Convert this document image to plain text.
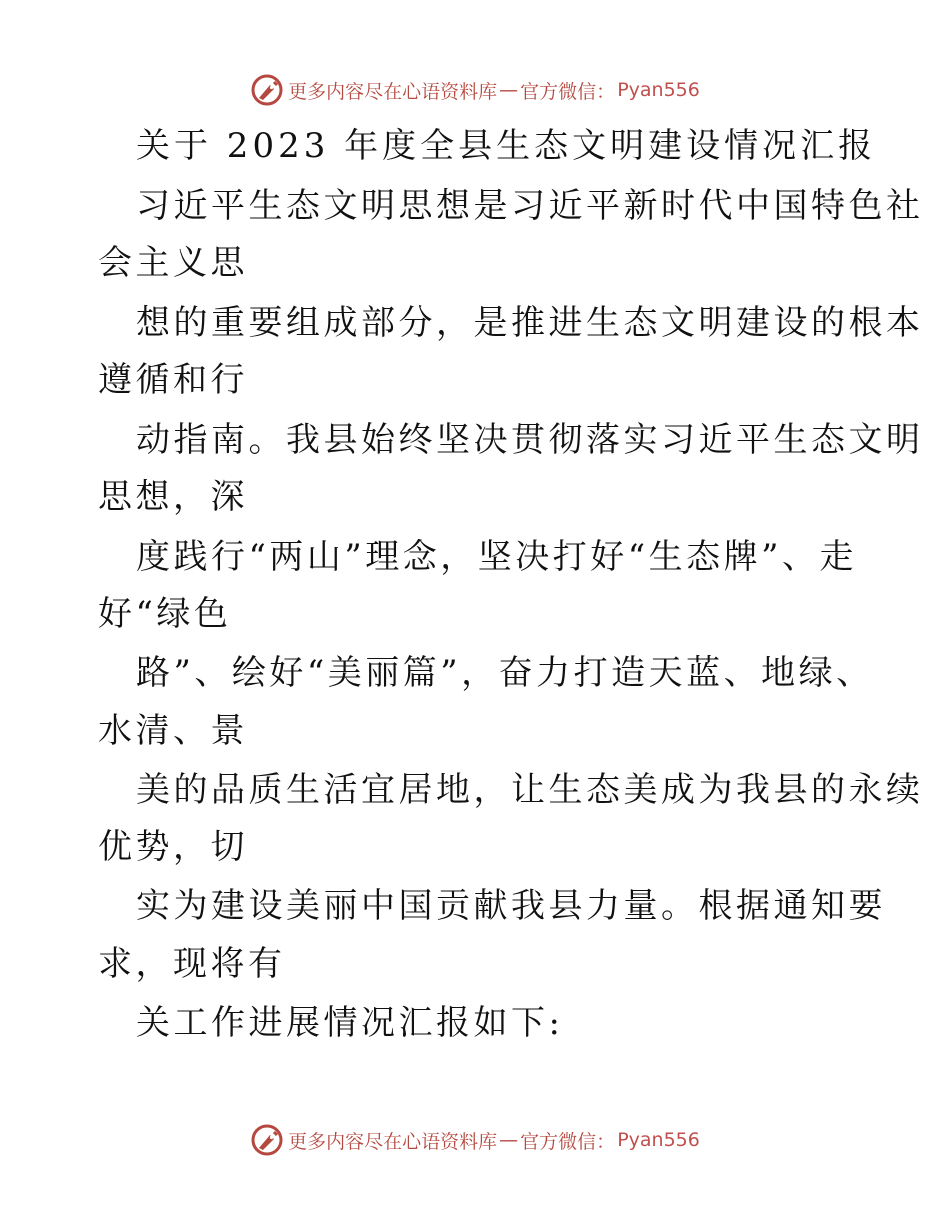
更多内容尽在心语资料库 — 官方微信： Pyan556
关于 2023 年度全县生态文明建设情况汇报
习近平生态文明思想是习近平新时代中国特色社
会主义思
想的重要组成部分，是推进生态文明建设的根本
遵循和行
动指南。我县始终坚决贯彻落实习近平生态文明
思想，深
度践行“两山”理念，坚决打好“生态牌”、走
好“绿色
路”、绘好“美丽篇”，奋力打造天蓝、地绿、
水清、景
美的品质生活宜居地，让生态美成为我县的永续
优势，切
实为建设美丽中国贡献我县力量。根据通知要
求，现将有
关工作进展情况汇报如下:
更多内容尽在心语资料库 — 官方微信： Pyan556
